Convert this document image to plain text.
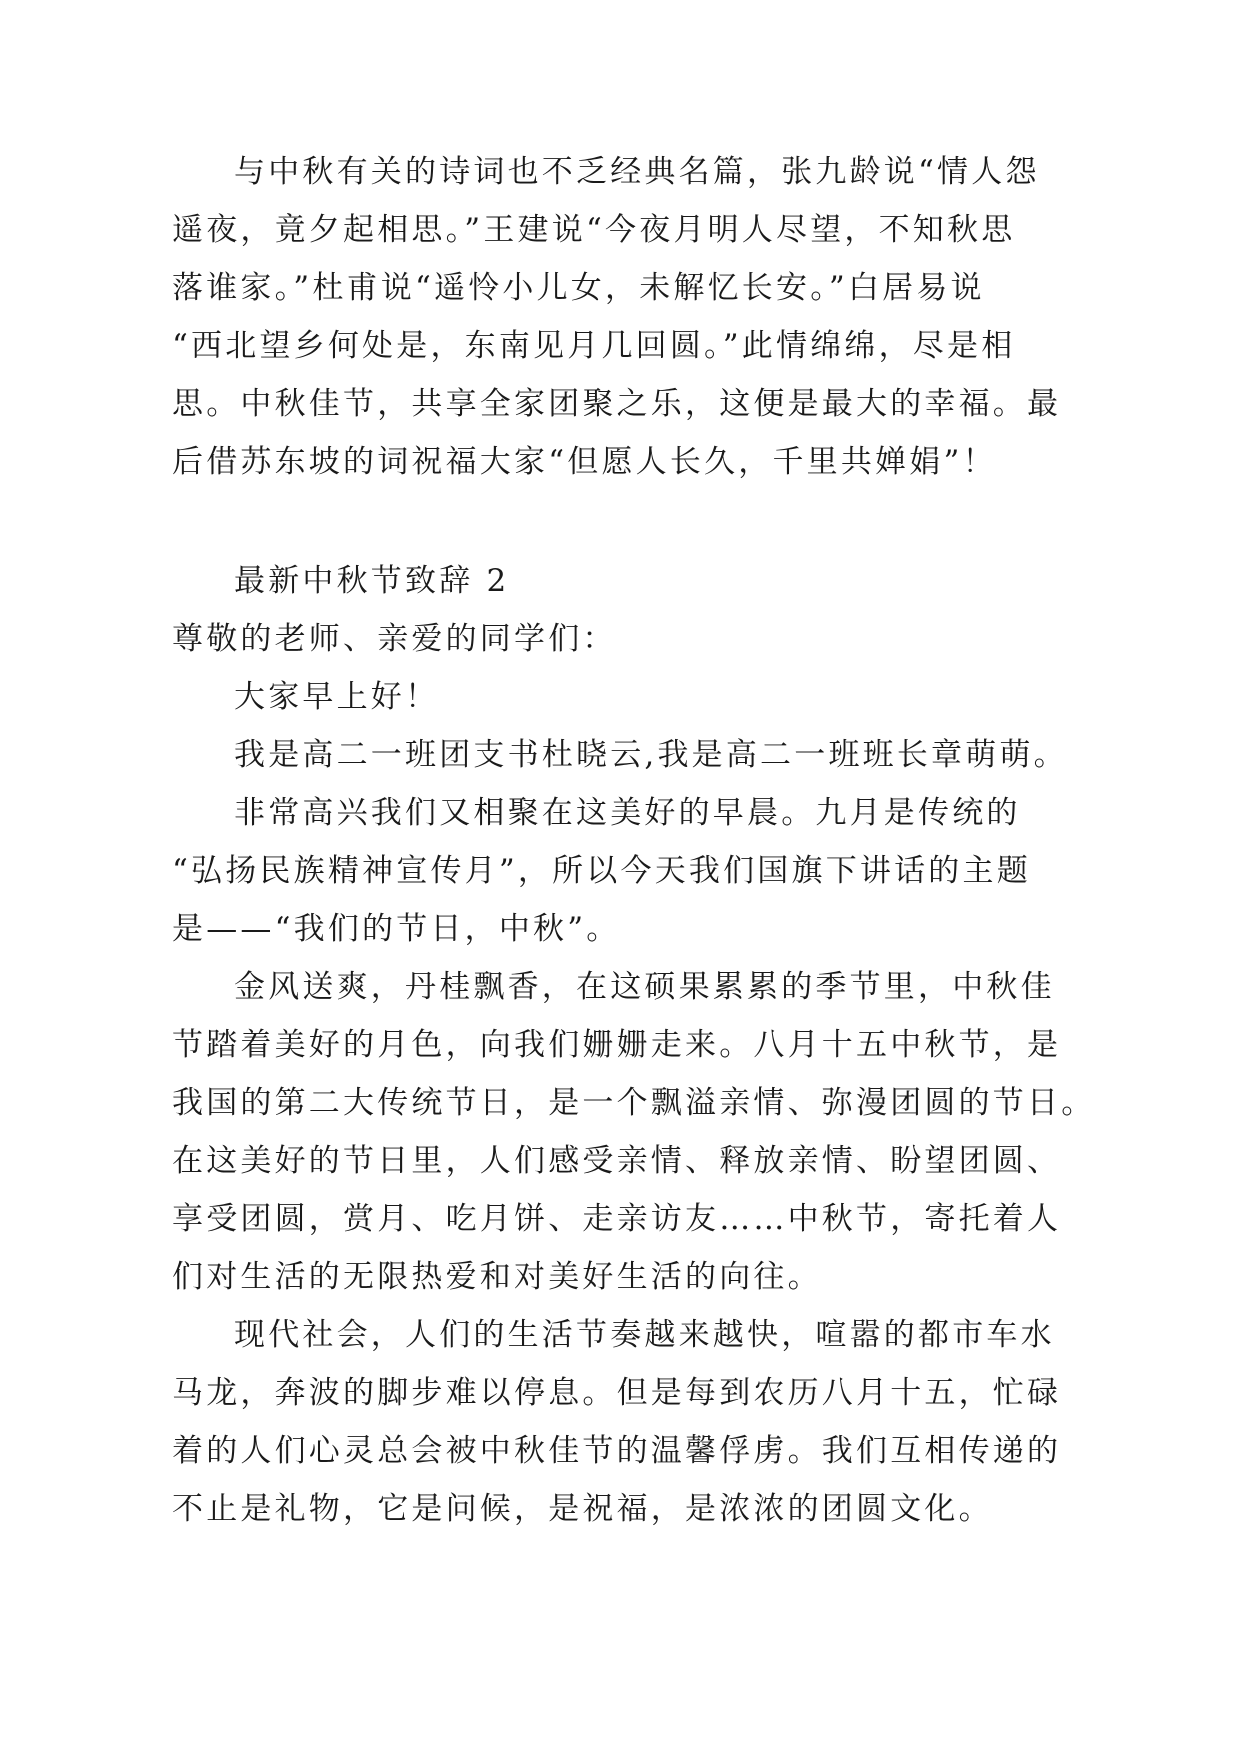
与中秋有关的诗词也不乏经典名篇，张九龄说“情人怨
遥夜，竟夕起相思。”王建说“今夜月明人尽望，不知秋思
落谁家。”杜甫说“遥怜小儿女，未解忆长安。”白居易说
“西北望乡何处是，东南见月几回圆。”此情绵绵，尽是相
思。中秋佳节，共享全家团聚之乐，这便是最大的幸福。最
后借苏东坡的词祝福大家“但愿人长久，千里共婵娟”！
最新中秋节致辞 2
尊敬的老师、亲爱的同学们：
大家早上好！
我是高二一班团支书杜晓云,我是高二一班班长章萌萌。
非常高兴我们又相聚在这美好的早晨。九月是传统的
“弘扬民族精神宣传月”，所以今天我们国旗下讲话的主题
是——“我们的节日，中秋”。
金风送爽，丹桂飘香，在这硕果累累的季节里，中秋佳
节踏着美好的月色，向我们姗姗走来。八月十五中秋节，是
我国的第二大传统节日，是一个飘溢亲情、弥漫团圆的节日。
在这美好的节日里，人们感受亲情、释放亲情、盼望团圆、
享受团圆，赏月、吃月饼、走亲访友……中秋节，寄托着人
们对生活的无限热爱和对美好生活的向往。
现代社会，人们的生活节奏越来越快，喧嚣的都市车水
马龙，奔波的脚步难以停息。但是每到农历八月十五，忙碌
着的人们心灵总会被中秋佳节的温馨俘虏。我们互相传递的
不止是礼物，它是问候，是祝福，是浓浓的团圆文化。
